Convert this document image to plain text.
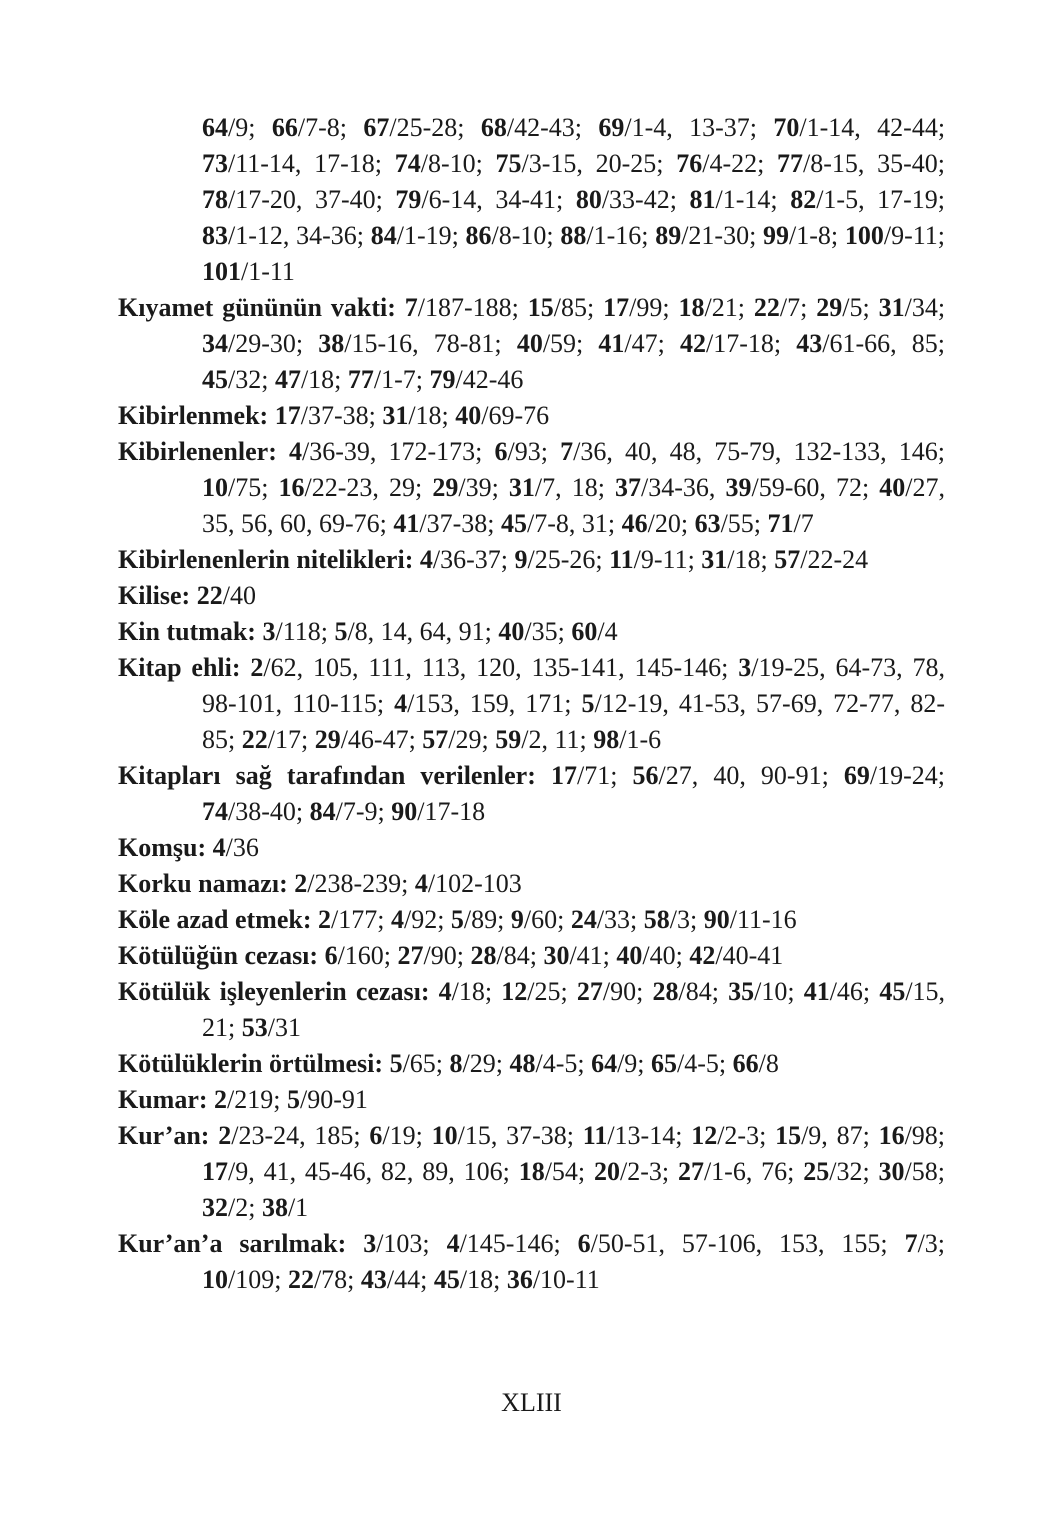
64/9; 66/7-8; 67/25-28; 68/42-43; 69/1-4, 13-37; 70/1-14, 42-44; 73/11-14, 17-18; 74/8-10; 75/3-15, 20-25; 76/4-22; 77/8-15, 35-40; 78/17-20, 37-40; 79/6-14, 34-41; 80/33-42; 81/1-14; 82/1-5, 17-19; 83/1-12, 34-36; 84/1-19; 86/8-10; 88/1-16; 89/21-30; 99/1-8; 100/9-11; 101/1-11

Kıyamet gününün vakti: 7/187-188; 15/85; 17/99; 18/21; 22/7; 29/5; 31/34; 34/29-30; 38/15-16, 78-81; 40/59; 41/47; 42/17-18; 43/61-66, 85; 45/32; 47/18; 77/1-7; 79/42-46

Kibirlenmek: 17/37-38; 31/18; 40/69-76

Kibirlenenler: 4/36-39, 172-173; 6/93; 7/36, 40, 48, 75-79, 132-133, 146; 10/75; 16/22-23, 29; 29/39; 31/7, 18; 37/34-36, 39/59-60, 72; 40/27, 35, 56, 60, 69-76; 41/37-38; 45/7-8, 31; 46/20; 63/55; 71/7

Kibirlenenlerin nitelikleri: 4/36-37; 9/25-26; 11/9-11; 31/18; 57/22-24

Kilise: 22/40

Kin tutmak: 3/118; 5/8, 14, 64, 91; 40/35; 60/4

Kitap ehli: 2/62, 105, 111, 113, 120, 135-141, 145-146; 3/19-25, 64-73, 78, 98-101, 110-115; 4/153, 159, 171; 5/12-19, 41-53, 57-69, 72-77, 82-85; 22/17; 29/46-47; 57/29; 59/2, 11; 98/1-6

Kitapları sağ tarafından verilenler: 17/71; 56/27, 40, 90-91; 69/19-24; 74/38-40; 84/7-9; 90/17-18

Komşu: 4/36

Korku namazı: 2/238-239; 4/102-103

Köle azad etmek: 2/177; 4/92; 5/89; 9/60; 24/33; 58/3; 90/11-16

Kötülüğün cezası: 6/160; 27/90; 28/84; 30/41; 40/40; 42/40-41

Kötülük işleyenlerin cezası: 4/18; 12/25; 27/90; 28/84; 35/10; 41/46; 45/15, 21; 53/31

Kötülüklerin örtülmesi: 5/65; 8/29; 48/4-5; 64/9; 65/4-5; 66/8

Kumar: 2/219; 5/90-91

Kur’an: 2/23-24, 185; 6/19; 10/15, 37-38; 11/13-14; 12/2-3; 15/9, 87; 16/98; 17/9, 41, 45-46, 82, 89, 106; 18/54; 20/2-3; 27/1-6, 76; 25/32; 30/58; 32/2; 38/1

Kur’an’a sarılmak: 3/103; 4/145-146; 6/50-51, 57-106, 153, 155; 7/3; 10/109; 22/78; 43/44; 45/18; 36/10-11

XLIII
